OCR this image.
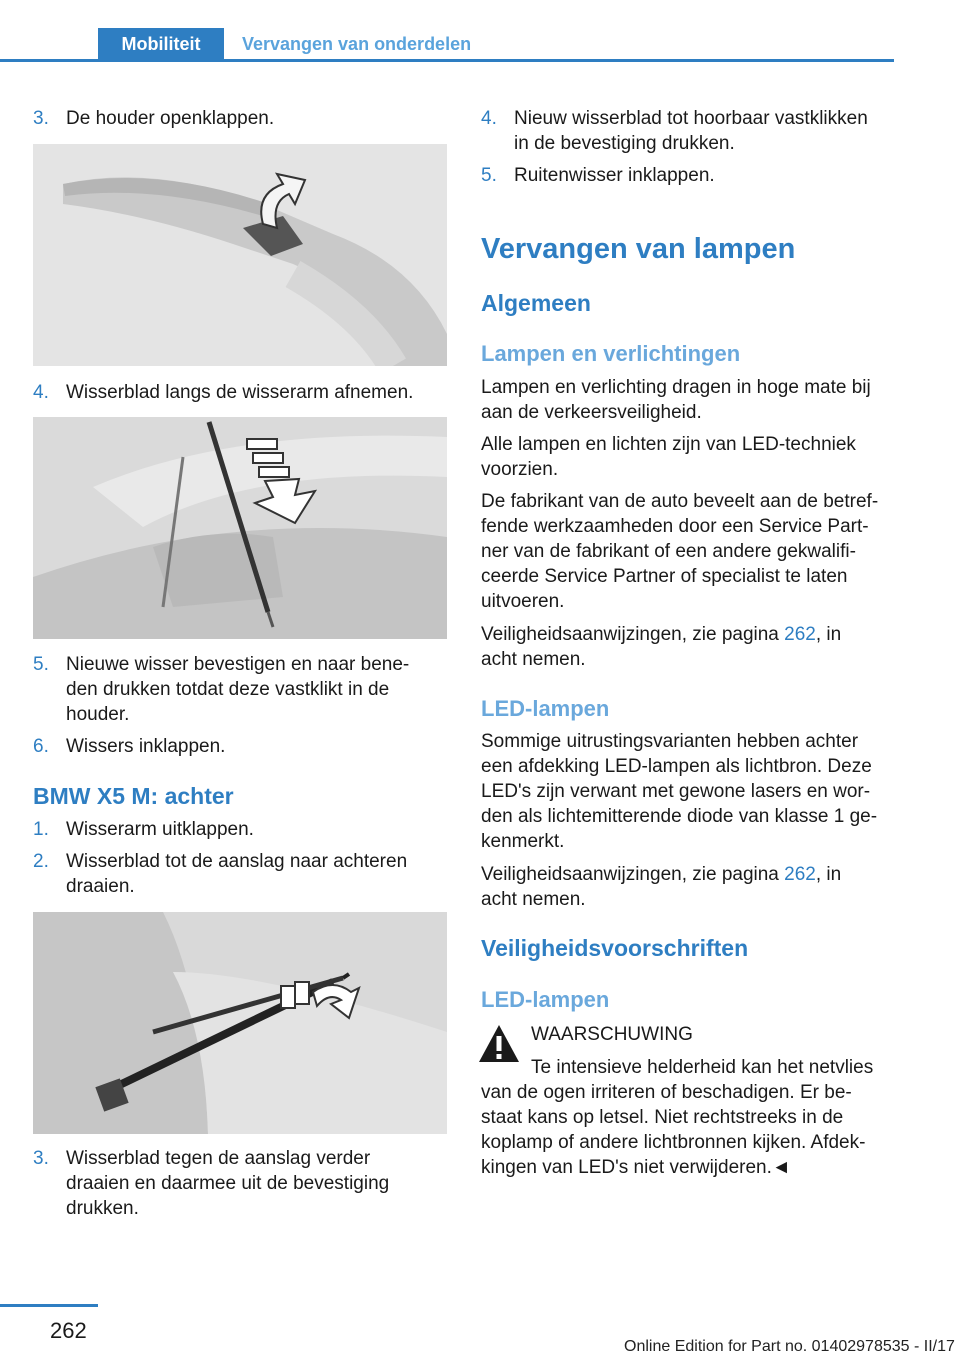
Mobiliteit	Vervangen van onderdelen
3. De houder openklappen.
4. Wisserblad langs de wisserarm afnemen.
5. Nieuwe wisser bevestigen en naar bene-
den drukken totdat deze vastklikt in de
houder.
6. Wissers inklappen.
BMW X5 M: achter
1. Wisserarm uitklappen.
2. Wisserblad tot de aanslag naar achteren
draaien.
3. Wisserblad tegen de aanslag verder
draaien en daarmee uit de bevestiging
drukken.
4. Nieuw wisserblad tot hoorbaar vastklikken
in de bevestiging drukken.
5. Ruitenwisser inklappen.
Vervangen van lampen
Algemeen
Lampen en verlichtingen
Lampen en verlichting dragen in hoge mate bij
aan de verkeersveiligheid.
Alle lampen en lichten zijn van LED-techniek
voorzien.
De fabrikant van de auto beveelt aan de betref-
fende werkzaamheden door een Service Part-
ner van de fabrikant of een andere gekwalifi-
ceerde Service Partner of specialist te laten
uitvoeren.
Veiligheidsaanwijzingen, zie pagina 262, in
acht nemen.
LED-lampen
Sommige uitrustingsvarianten hebben achter
een afdekking LED-lampen als lichtbron. Deze
LED's zijn verwant met gewone lasers en wor-
den als lichtemitterende diode van klasse 1 ge-
kenmerkt.
Veiligheidsaanwijzingen, zie pagina 262, in
acht nemen.
Veiligheidsvoorschriften
LED-lampen
WAARSCHUWING
Te intensieve helderheid kan het netvlies
van de ogen irriteren of beschadigen. Er be-
staat kans op letsel. Niet rechtstreeks in de
koplamp of andere lichtbronnen kijken. Afdek-
kingen van LED's niet verwijderen.◄
262
Online Edition for Part no. 01402978535 - II/17
